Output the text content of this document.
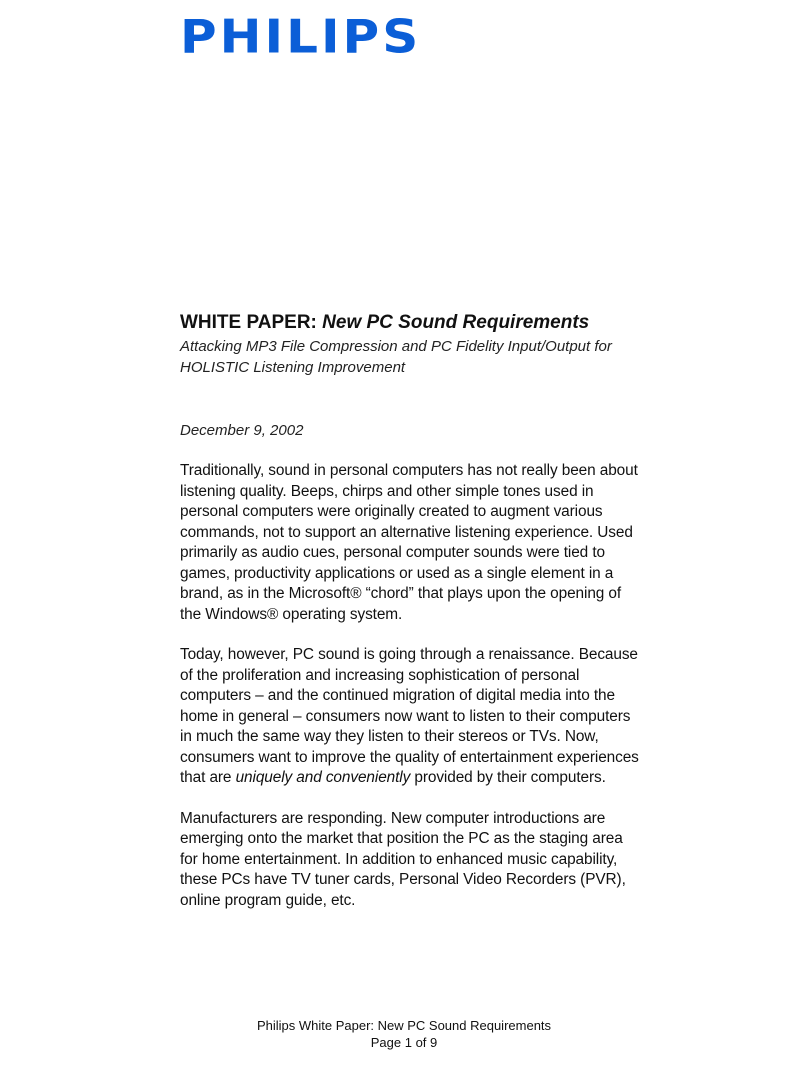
PHILIPS

WHITE PAPER: New PC Sound Requirements

Attacking MP3 File Compression and PC Fidelity Input/Output for HOLISTIC Listening Improvement

December 9, 2002

Traditionally, sound in personal computers has not really been about listening quality. Beeps, chirps and other simple tones used in personal computers were originally created to augment various commands, not to support an alternative listening experience. Used primarily as audio cues, personal computer sounds were tied to games, productivity applications or used as a single element in a brand, as in the Microsoft® “chord” that plays upon the opening of the Windows® operating system.

Today, however, PC sound is going through a renaissance. Because of the proliferation and increasing sophistication of personal computers – and the continued migration of digital media into the home in general – consumers now want to listen to their computers in much the same way they listen to their stereos or TVs. Now, consumers want to improve the quality of entertainment experiences that are uniquely and conveniently provided by their computers.

Manufacturers are responding. New computer introductions are emerging onto the market that position the PC as the staging area for home entertainment. In addition to enhanced music capability, these PCs have TV tuner cards, Personal Video Recorders (PVR), online program guide, etc.

Philips White Paper: New PC Sound Requirements
Page 1 of 9
